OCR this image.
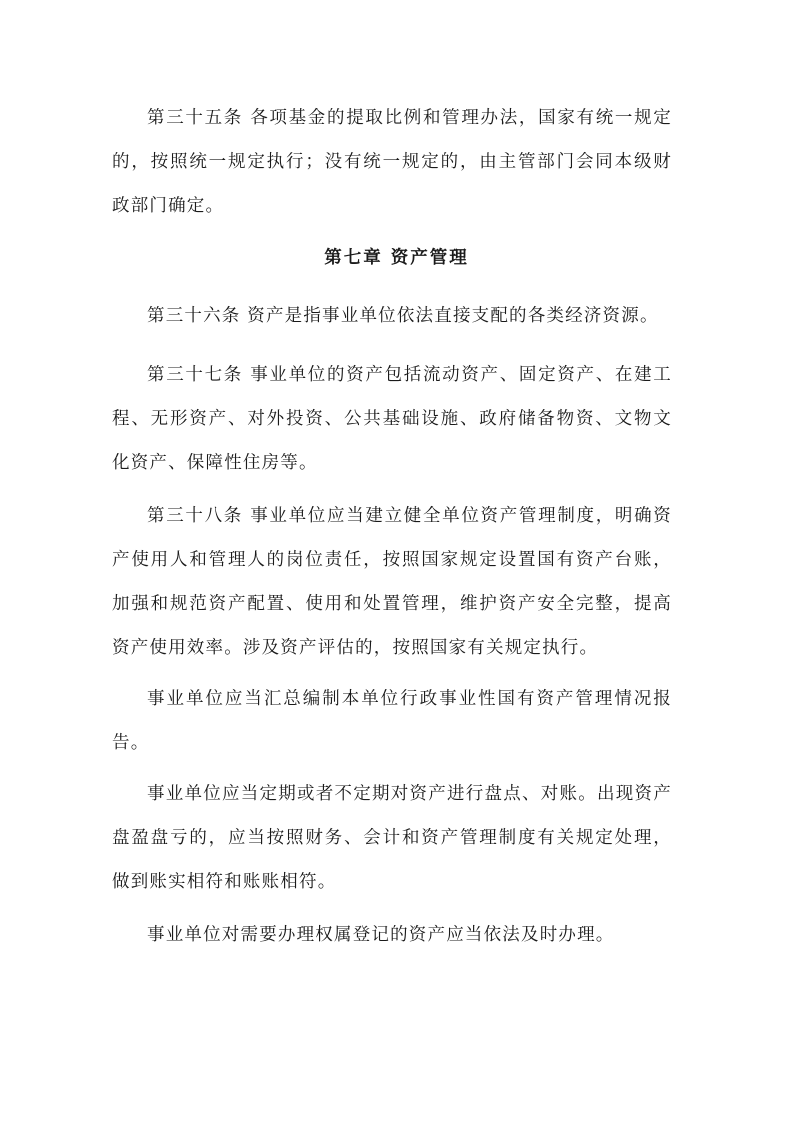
第三十五条 各项基金的提取比例和管理办法，国家有统一规定的，按照统一规定执行；没有统一规定的，由主管部门会同本级财政部门确定。

第七章 资产管理

第三十六条 资产是指事业单位依法直接支配的各类经济资源。

第三十七条 事业单位的资产包括流动资产、固定资产、在建工程、无形资产、对外投资、公共基础设施、政府储备物资、文物文化资产、保障性住房等。

第三十八条 事业单位应当建立健全单位资产管理制度，明确资产使用人和管理人的岗位责任，按照国家规定设置国有资产台账，加强和规范资产配置、使用和处置管理，维护资产安全完整，提高资产使用效率。涉及资产评估的，按照国家有关规定执行。

事业单位应当汇总编制本单位行政事业性国有资产管理情况报告。

事业单位应当定期或者不定期对资产进行盘点、对账。出现资产盘盈盘亏的，应当按照财务、会计和资产管理制度有关规定处理，做到账实相符和账账相符。

事业单位对需要办理权属登记的资产应当依法及时办理。
